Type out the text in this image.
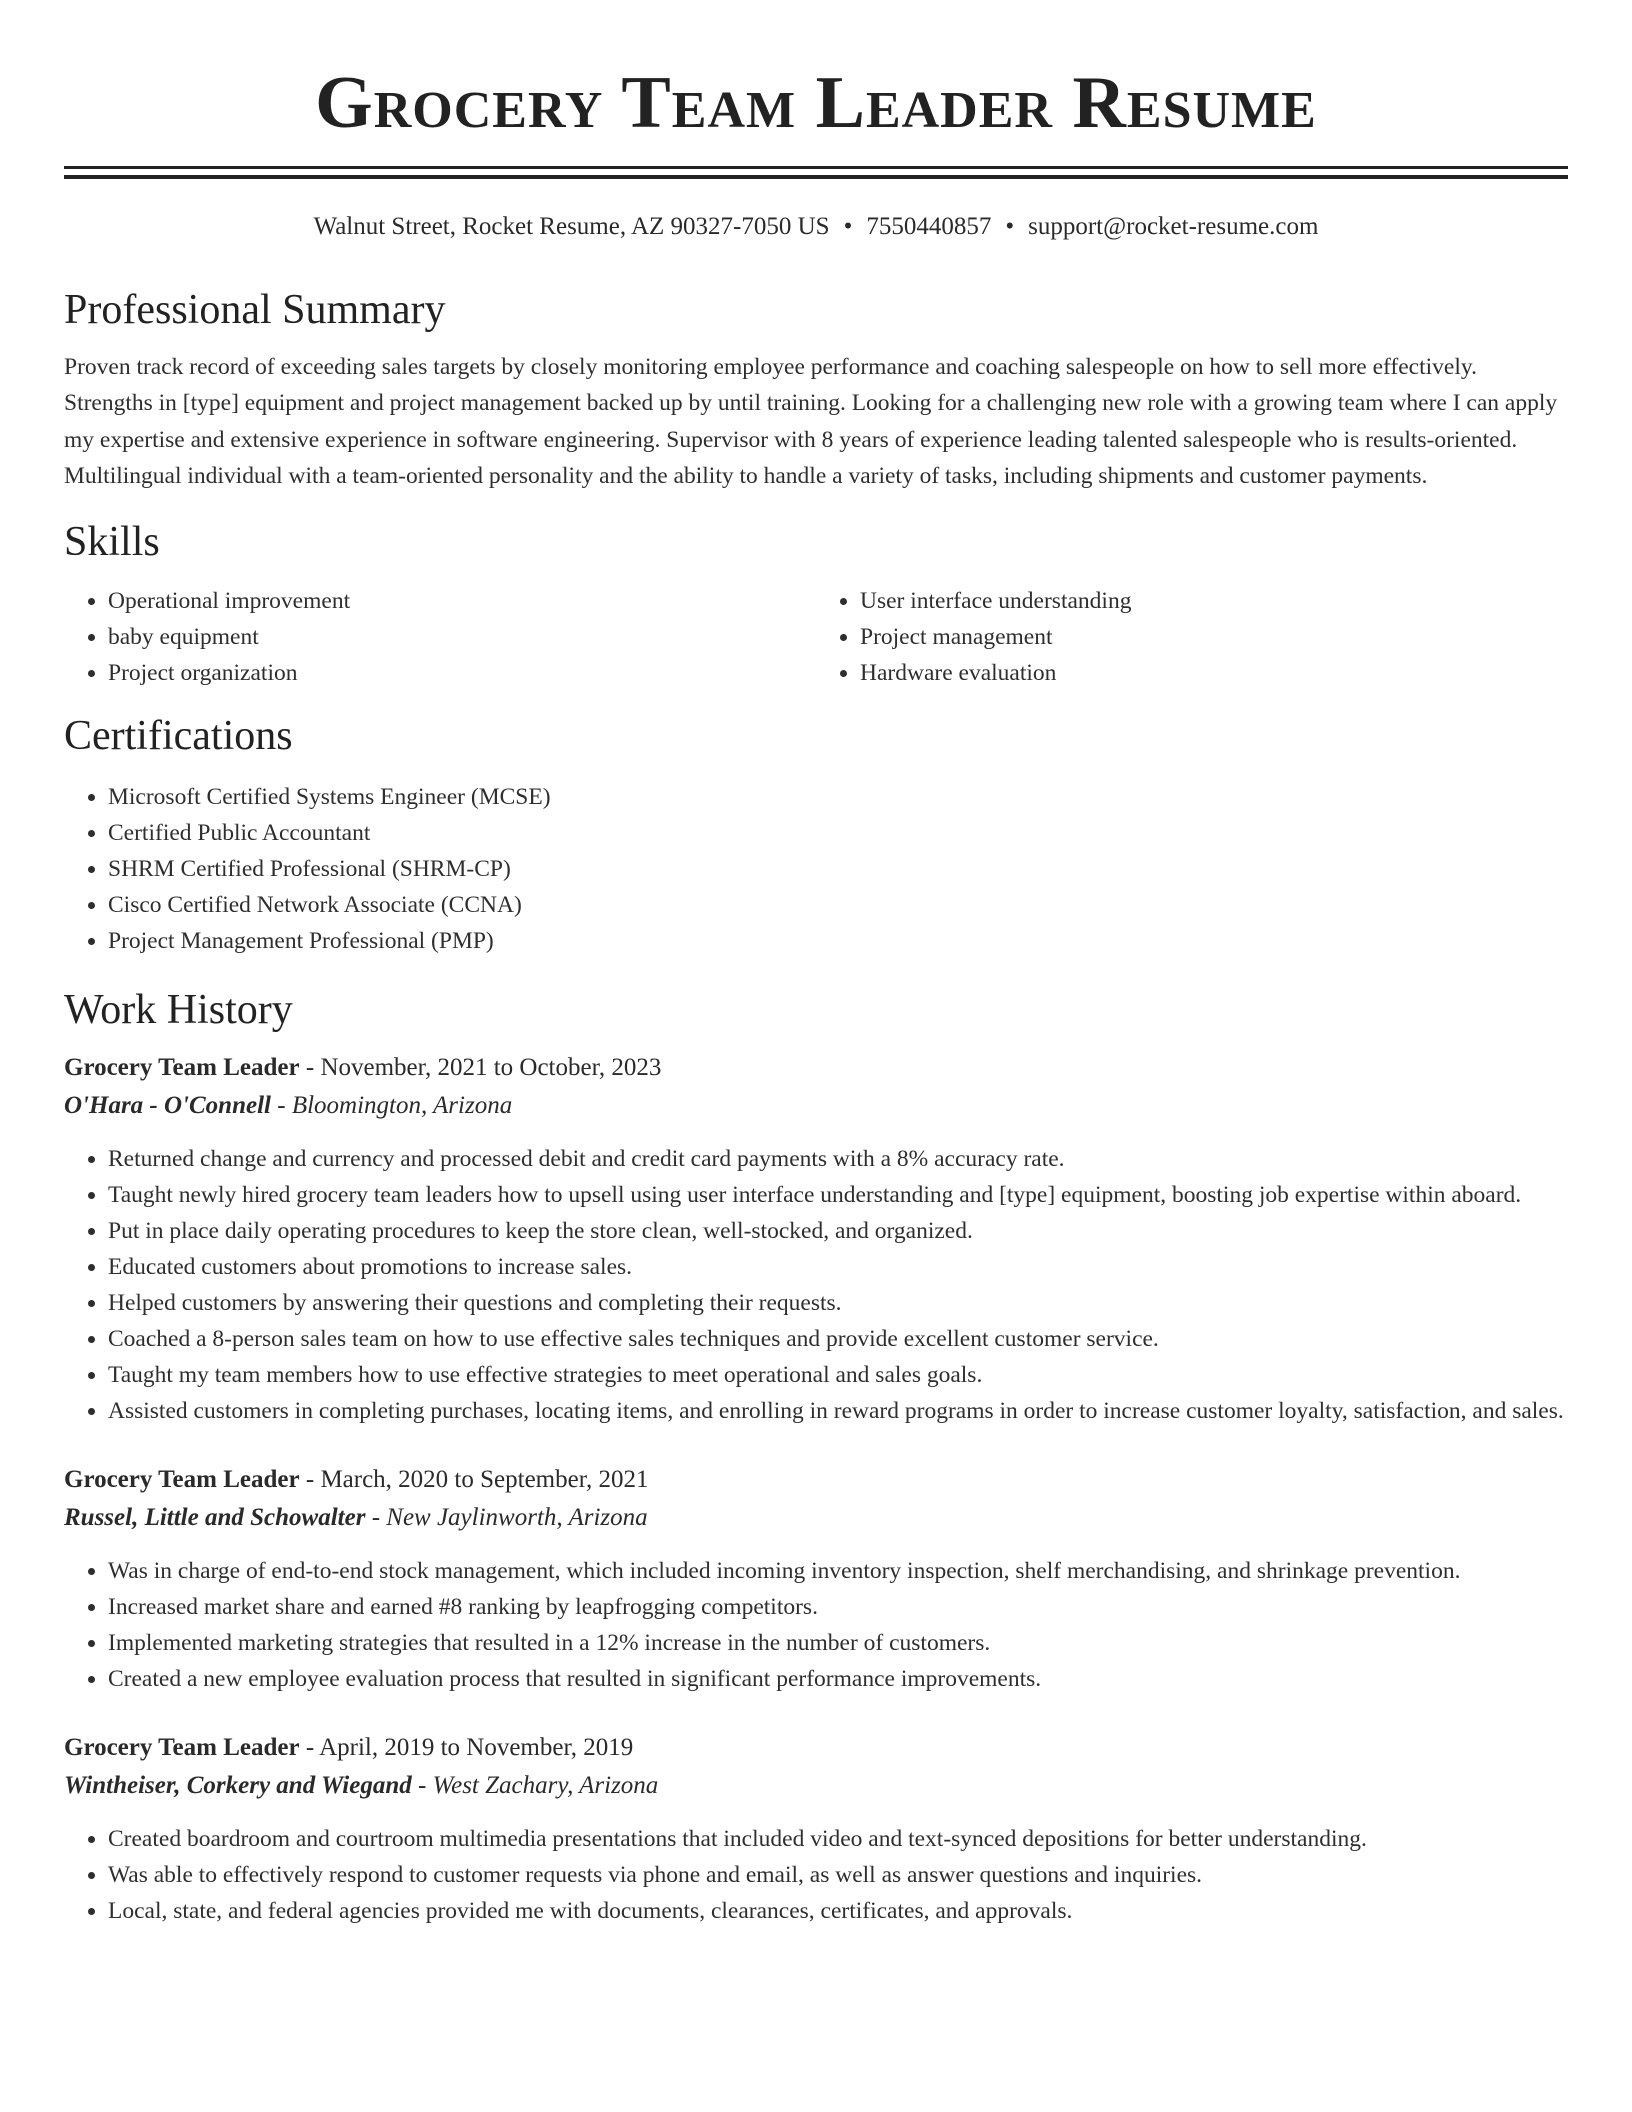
Grocery Team Leader Resume
Walnut Street, Rocket Resume, AZ 90327-7050 US • 7550440857 • support@rocket-resume.com
Professional Summary
Proven track record of exceeding sales targets by closely monitoring employee performance and coaching salespeople on how to sell more effectively. Strengths in [type] equipment and project management backed up by until training. Looking for a challenging new role with a growing team where I can apply my expertise and extensive experience in software engineering. Supervisor with 8 years of experience leading talented salespeople who is results-oriented. Multilingual individual with a team-oriented personality and the ability to handle a variety of tasks, including shipments and customer payments.
Skills
• Operational improvement
• baby equipment
• Project organization
• User interface understanding
• Project management
• Hardware evaluation
Certifications
• Microsoft Certified Systems Engineer (MCSE)
• Certified Public Accountant
• SHRM Certified Professional (SHRM-CP)
• Cisco Certified Network Associate (CCNA)
• Project Management Professional (PMP)
Work History
Grocery Team Leader - November, 2021 to October, 2023
O'Hara - O'Connell - Bloomington, Arizona
• Returned change and currency and processed debit and credit card payments with a 8% accuracy rate.
• Taught newly hired grocery team leaders how to upsell using user interface understanding and [type] equipment, boosting job expertise within aboard.
• Put in place daily operating procedures to keep the store clean, well-stocked, and organized.
• Educated customers about promotions to increase sales.
• Helped customers by answering their questions and completing their requests.
• Coached a 8-person sales team on how to use effective sales techniques and provide excellent customer service.
• Taught my team members how to use effective strategies to meet operational and sales goals.
• Assisted customers in completing purchases, locating items, and enrolling in reward programs in order to increase customer loyalty, satisfaction, and sales.
Grocery Team Leader - March, 2020 to September, 2021
Russel, Little and Schowalter - New Jaylinworth, Arizona
• Was in charge of end-to-end stock management, which included incoming inventory inspection, shelf merchandising, and shrinkage prevention.
• Increased market share and earned #8 ranking by leapfrogging competitors.
• Implemented marketing strategies that resulted in a 12% increase in the number of customers.
• Created a new employee evaluation process that resulted in significant performance improvements.
Grocery Team Leader - April, 2019 to November, 2019
Wintheiser, Corkery and Wiegand - West Zachary, Arizona
• Created boardroom and courtroom multimedia presentations that included video and text-synced depositions for better understanding.
• Was able to effectively respond to customer requests via phone and email, as well as answer questions and inquiries.
• Local, state, and federal agencies provided me with documents, clearances, certificates, and approvals.
